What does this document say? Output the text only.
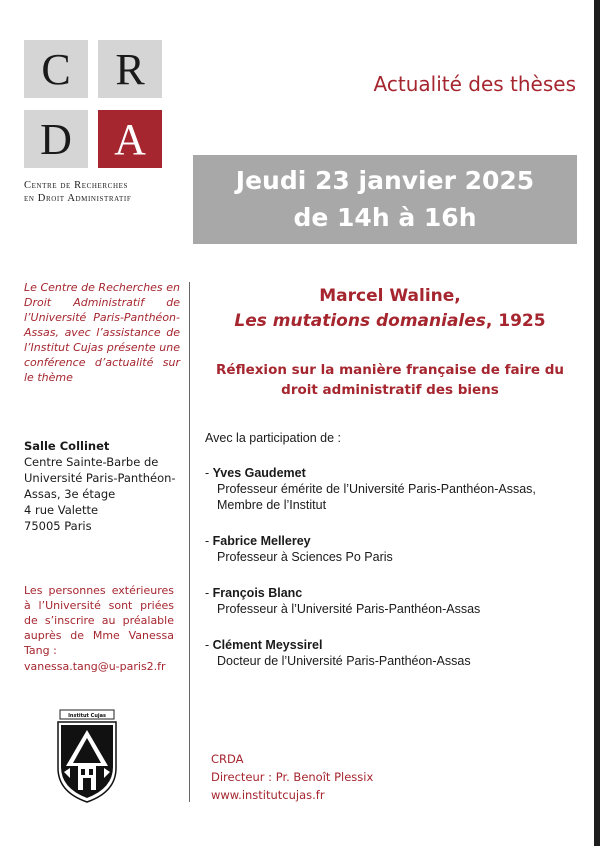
C R
D A
Centre de Recherches
en Droit Administratif
Actualité des thèses
Jeudi 23 janvier 2025
de 14h à 16h
Le Centre de Recherches en Droit Administratif de l’Université Paris-Panthéon-Assas, avec l’assistance de l’Institut Cujas présente une conférence d’actualité sur le thème
Salle Collinet
Centre Sainte-Barbe de
Université Paris-Panthéon-
Assas, 3e étage
4 rue Valette
75005 Paris
Les personnes extérieures à l’Université sont priées de s’inscrire au préalable auprès de Mme Vanessa Tang :
vanessa.tang@u-paris2.fr
Institut Cujas
Marcel Waline,
Les mutations domaniales, 1925
Réflexion sur la manière française de faire du
droit administratif des biens
Avec la participation de :
- Yves Gaudemet
Professeur émérite de l’Université Paris-Panthéon-Assas,
Membre de l’Institut
- Fabrice Mellerey
Professeur à Sciences Po Paris
- François Blanc
Professeur à l’Université Paris-Panthéon-Assas
- Clément Meyssirel
Docteur de l’Université Paris-Panthéon-Assas
CRDA
Directeur : Pr. Benoît Plessix
www.institutcujas.fr
